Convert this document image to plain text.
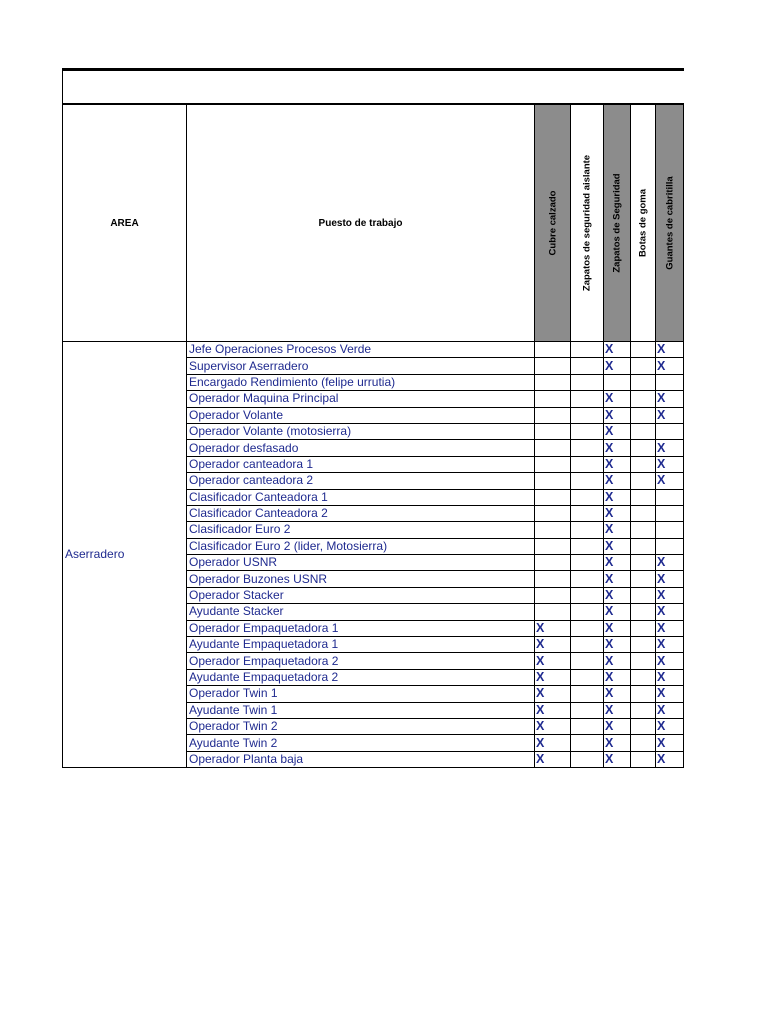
AREA	Puesto de trabajo	Cubre calzado	Zapatos de seguridad aislante	Zapatos de Seguridad	Botas de goma	Guantes de cabritilla

Aserradero	Jefe Operaciones Procesos Verde			X		X
	Supervisor Aserradero			X		X
	Encargado Rendimiento (felipe urrutia)					
	Operador Maquina Principal			X		X
	Operador Volante			X		X
	Operador Volante (motosierra)			X		
	Operador desfasado			X		X
	Operador canteadora 1			X		X
	Operador canteadora 2			X		X
	Clasificador Canteadora 1			X		
	Clasificador Canteadora 2			X		
	Clasificador Euro 2			X		
	Clasificador Euro 2 (lider, Motosierra)			X		
	Operador USNR			X		X
	Operador Buzones USNR			X		X
	Operador Stacker			X		X
	Ayudante Stacker			X		X
	Operador Empaquetadora 1	X		X		X
	Ayudante Empaquetadora 1	X		X		X
	Operador Empaquetadora 2	X		X		X
	Ayudante Empaquetadora 2	X		X		X
	Operador Twin 1	X		X		X
	Ayudante Twin 1	X		X		X
	Operador Twin 2	X		X		X
	Ayudante Twin 2	X		X		X
	Operador Planta baja	X		X		X
